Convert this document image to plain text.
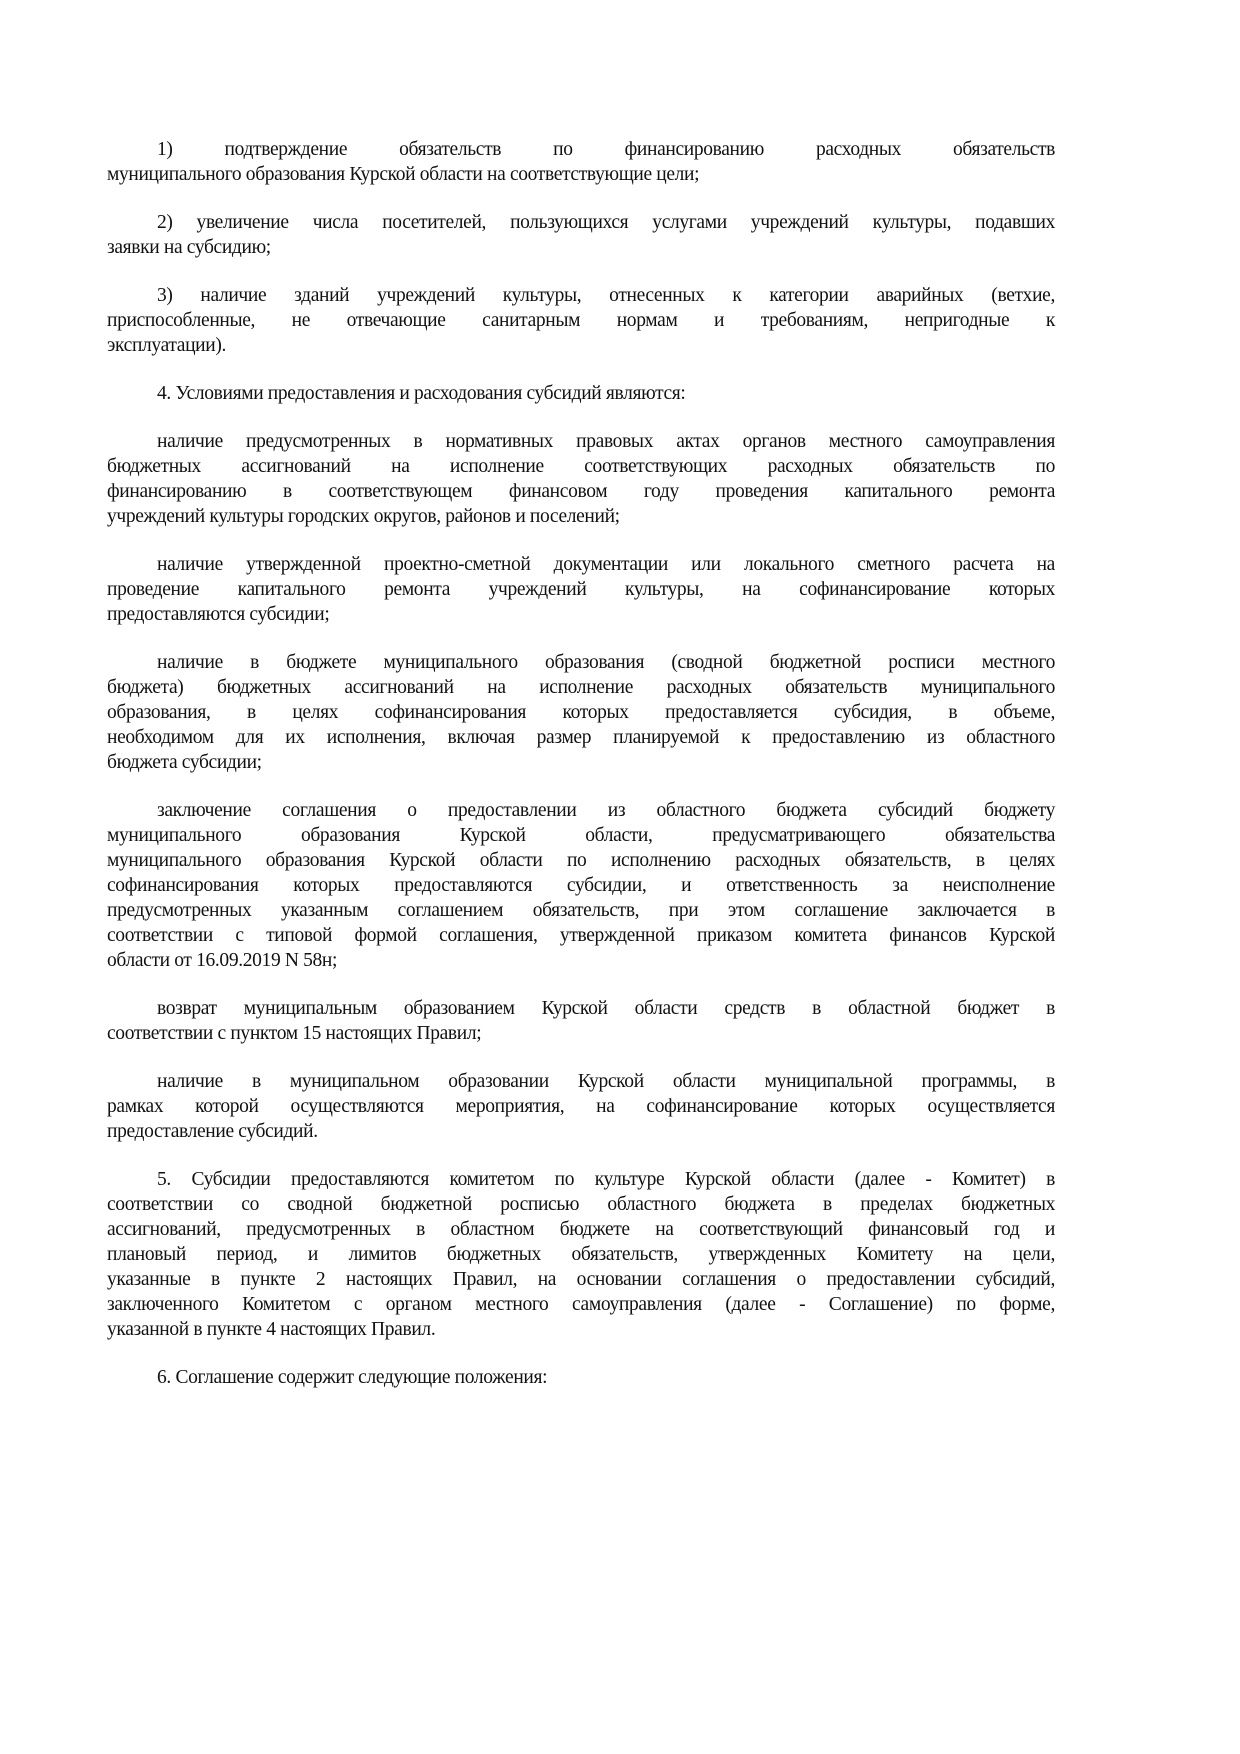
1) подтверждение обязательств по финансированию расходных обязательств
муниципального образования Курской области на соответствующие цели;
2) увеличение числа посетителей, пользующихся услугами учреждений культуры, подавших
заявки на субсидию;
3) наличие зданий учреждений культуры, отнесенных к категории аварийных (ветхие,
приспособленные, не отвечающие санитарным нормам и требованиям, непригодные к
эксплуатации).
4. Условиями предоставления и расходования субсидий являются:
наличие предусмотренных в нормативных правовых актах органов местного самоуправления
бюджетных ассигнований на исполнение соответствующих расходных обязательств по
финансированию в соответствующем финансовом году проведения капитального ремонта
учреждений культуры городских округов, районов и поселений;
наличие утвержденной проектно-сметной документации или локального сметного расчета на
проведение капитального ремонта учреждений культуры, на софинансирование которых
предоставляются субсидии;
наличие в бюджете муниципального образования (сводной бюджетной росписи местного
бюджета) бюджетных ассигнований на исполнение расходных обязательств муниципального
образования, в целях софинансирования которых предоставляется субсидия, в объеме,
необходимом для их исполнения, включая размер планируемой к предоставлению из областного
бюджета субсидии;
заключение соглашения о предоставлении из областного бюджета субсидий бюджету
муниципального образования Курской области, предусматривающего обязательства
муниципального образования Курской области по исполнению расходных обязательств, в целях
софинансирования которых предоставляются субсидии, и ответственность за неисполнение
предусмотренных указанным соглашением обязательств, при этом соглашение заключается в
соответствии с типовой формой соглашения, утвержденной приказом комитета финансов Курской
области от 16.09.2019 N 58н;
возврат муниципальным образованием Курской области средств в областной бюджет в
соответствии с пунктом 15 настоящих Правил;
наличие в муниципальном образовании Курской области муниципальной программы, в
рамках которой осуществляются мероприятия, на софинансирование которых осуществляется
предоставление субсидий.
5. Субсидии предоставляются комитетом по культуре Курской области (далее - Комитет) в
соответствии со сводной бюджетной росписью областного бюджета в пределах бюджетных
ассигнований, предусмотренных в областном бюджете на соответствующий финансовый год и
плановый период, и лимитов бюджетных обязательств, утвержденных Комитету на цели,
указанные в пункте 2 настоящих Правил, на основании соглашения о предоставлении субсидий,
заключенного Комитетом с органом местного самоуправления (далее - Соглашение) по форме,
указанной в пункте 4 настоящих Правил.
6. Соглашение содержит следующие положения:
